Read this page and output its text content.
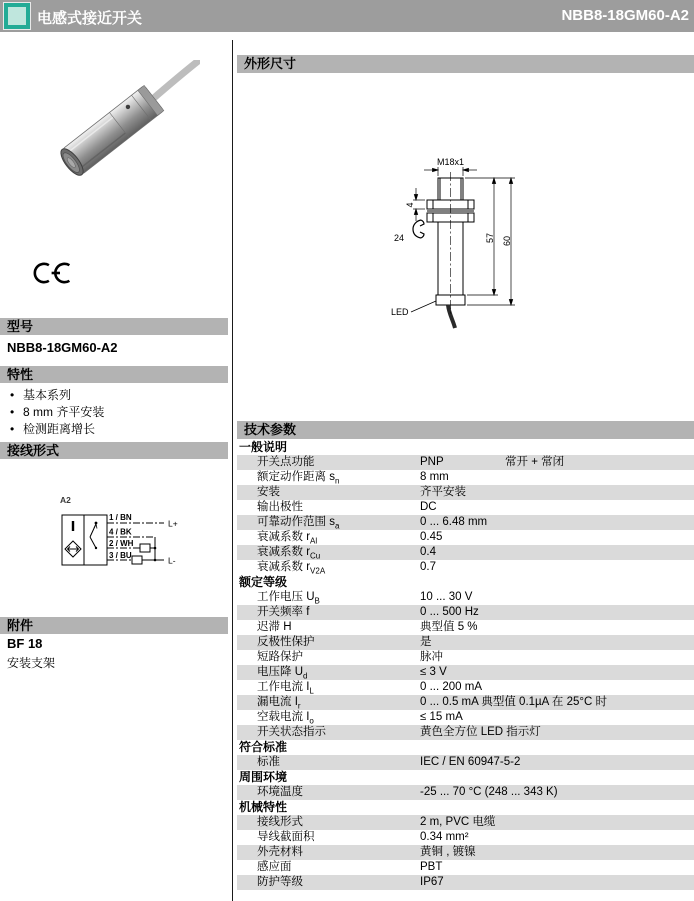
电感式接近开关	NBB8-18GM60-A2
型号
NBB8-18GM60-A2
特性
• 基本系列
• 8 mm 齐平安装
• 检测距离增长
接线形式
A2
1 / BN
4 / BK
2 / WH
3 / BU
L+
L-
附件
BF 18
安装支架
外形尺寸
M18x1
4
24	57 60
LED
技术参数
一般说明
开关点功能	PNP	常开 + 常闭
额定动作距离 $s_n$	8 mm
安装	齐平安装
输出极性	DC
可靠动作范围 $s_a$	0 ... 6.48 mm
衰减系数 $r_{Al}$	0.45
衰减系数 $r_{Cu}$	0.4
衰减系数 $r_{V2A}$	0.7
额定等级
工作电压 $U_B$	10 ... 30 V
开关频率 f	0 ... 500 Hz
迟滞 H	典型值 5 %
反极性保护	是
短路保护	脉冲
电压降 $U_d$	≤ 3 V
工作电流 $I_L$	0 ... 200 mA
漏电流 $I_r$	0 ... 0.5 mA 典型值 0.1µA 在 25°C 时
空载电流 $I_o$	≤ 15 mA
开关状态指示	黄色全方位 LED 指示灯
符合标准
标准	IEC / EN 60947-5-2
周围环境
环境温度	-25 ... 70 °C (248 ... 343 K)
机械特性
接线形式	2 m, PVC 电缆
导线截面积	0.34 mm²
外壳材料	黄铜 , 镀镍
感应面	PBT
防护等级	IP67
